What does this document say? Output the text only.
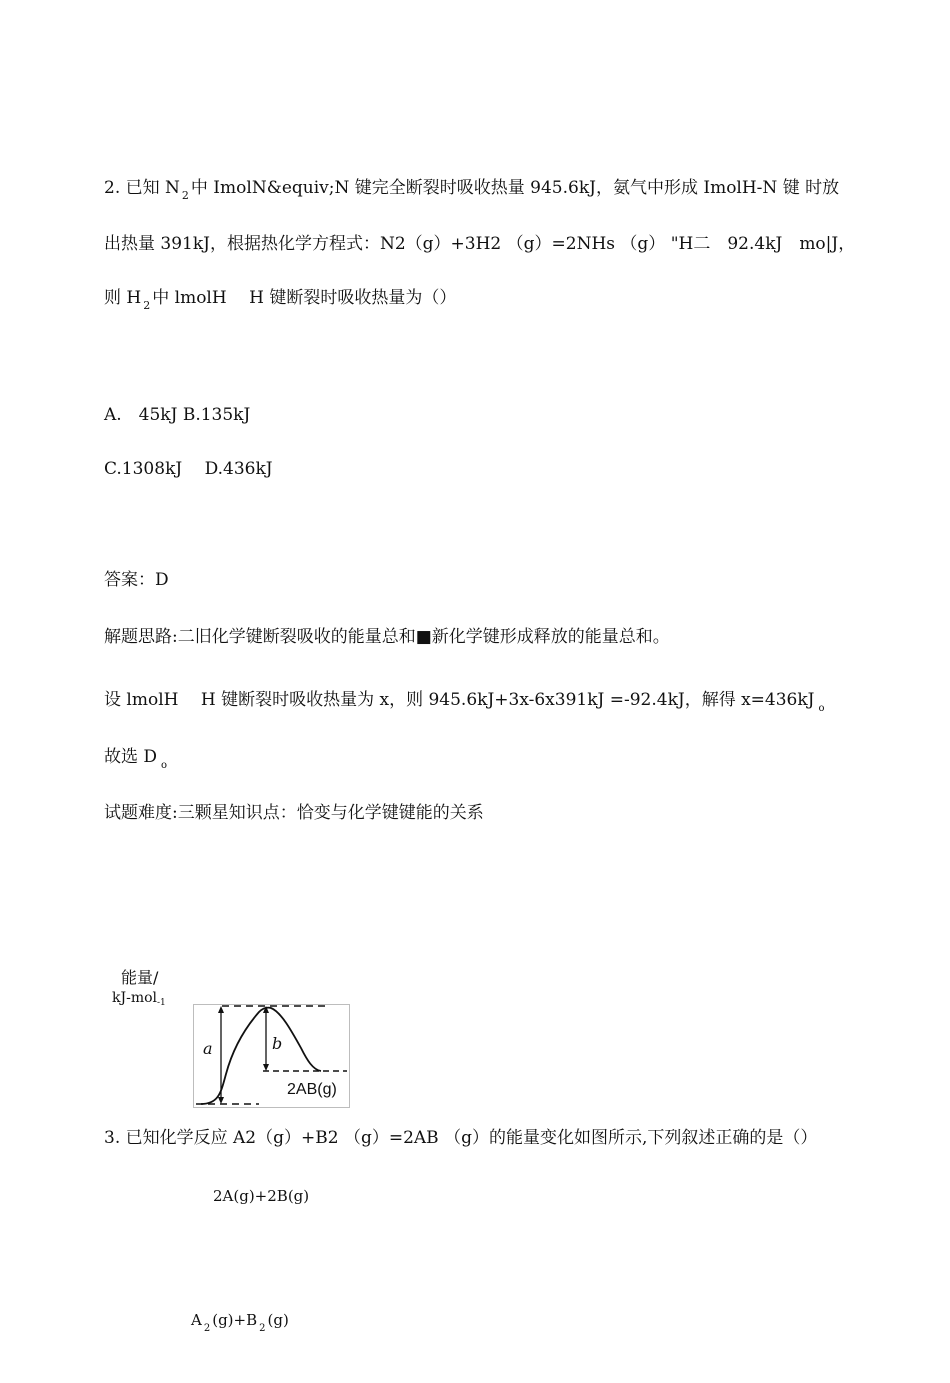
2. 已知 N $_2$ 中 ImolN&equiv;N 键完全断裂时吸收热量 945.6kJ，氨气中形成 ImolH-N 键 时放
出热量 391kJ，根据热化学方程式：N2（g）+3H2 （g）=2NHs （g） "H二　92.4kJ　mo|J，
则 H $_2$ 中 lmolH　 H 键断裂时吸收热量为（）
A.　45kJ B.135kJ
C.1308kJ　 D.436kJ
答案：D
解题思路:二旧化学键断裂吸收的能量总和■新化学键形成释放的能量总和。
设 lmolH　 H 键断裂时吸收热量为 x，则 945.6kJ+3x-6x391kJ =-92.4kJ，解得 x=436kJ $_o$
故选 D $_o$
试题难度:三颗星知识点：恰变与化学键键能的关系
能量/
kJ-mol$_{-1}$
a	b
2AB(g)
3. 已知化学反应 A2（g）+B2 （g）=2AB （g）的能量变化如图所示,下列叙述正确的是（）
2A(g)+2B(g)
A $_2$ (g)+B $_2$ (g)
